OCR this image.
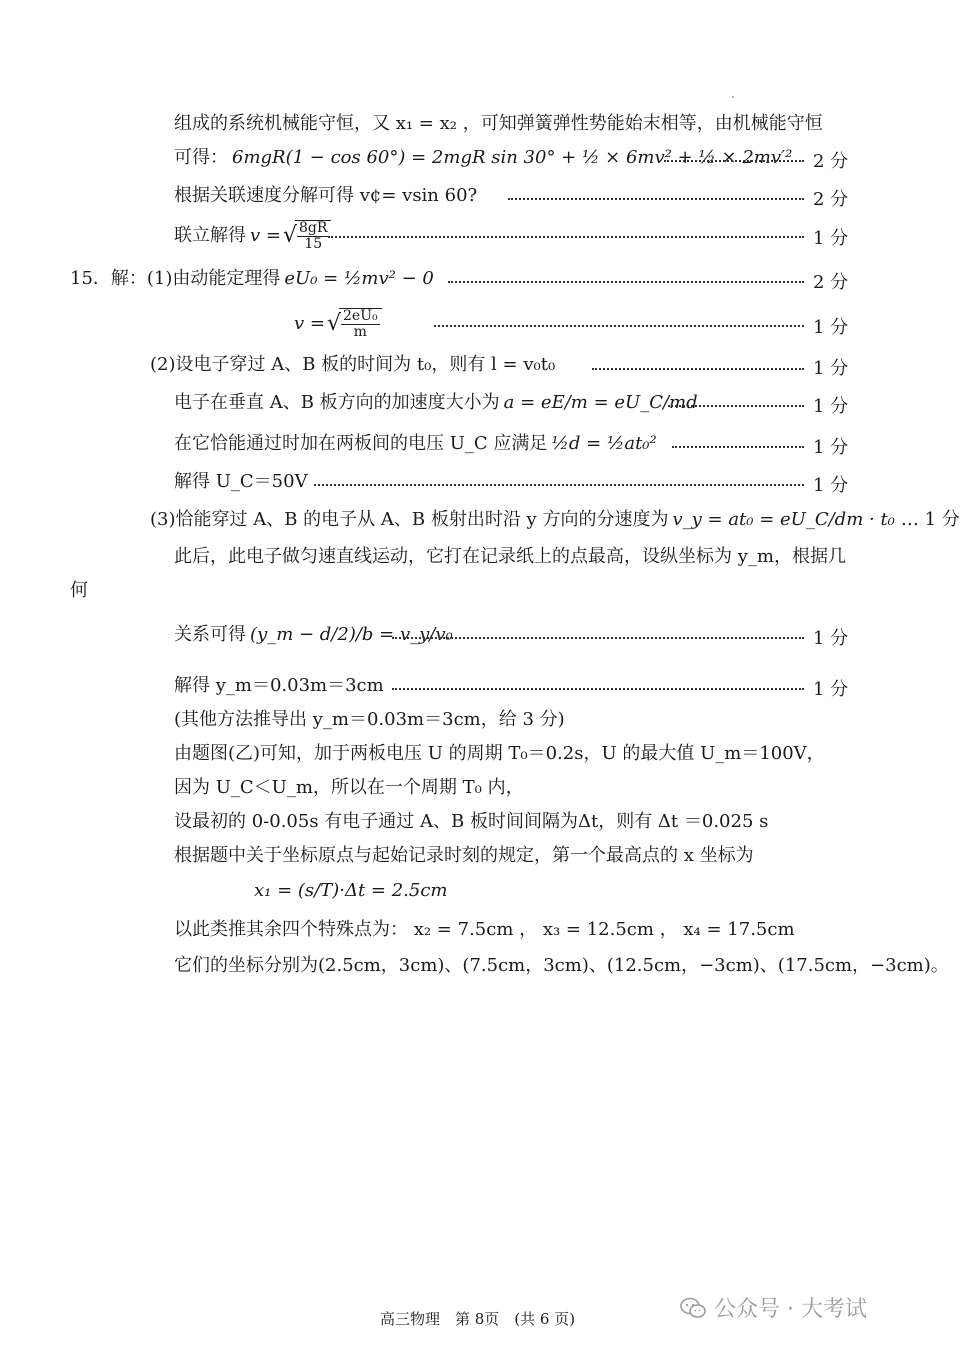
组成的系统机械能守恒，又 x₁ = x₂ ，可知弹簧弹性势能始末相等，由机械能守恒
可得： 6mgR(1 − cos 60°) = 2mgR sin 30° + ½ × 6mv² + ½ × 2mv′² 2 分
根据关联速度分解可得 v¢= vsin 60?	2 分
联立解得 v = √ $\frac{8gR}{15}$	1 分
15．解： (1)由动能定理得 eU₀ = ½mv² − 0	2 分
v = √ $\frac{\text{2eU₀}}{m}$	1 分
(2)设电子穿过 A、B 板的时间为 t₀，则有 l = v₀t₀	1 分
电子在垂直 A、B 板方向的加速度大小为 a = eE/m = eU_C/md	1 分
在它恰能通过时加在两板间的电压 U_C 应满足 ½d = ½at₀²	1 分
解得 U_C＝50V	1 分
(3)恰能穿过 A、B 的电子从 A、B 板射出时沿 y 方向的分速度为 v_y = at₀ = eU_C/dm · t₀ … 1 分
此后，此电子做匀速直线运动，它打在记录纸上的点最高，设纵坐标为 y_m，根据几
何
关系可得 (y_m − d/2)/b = v_y/v₀	1 分
解得 y_m＝0.03m＝3cm	1 分
(其他方法推导出 y_m＝0.03m＝3cm，给 3 分)
由题图(乙)可知，加于两板电压 U 的周期 T₀＝0.2s，U 的最大值 U_m＝100V，
因为 U_C＜U_m，所以在一个周期 T₀ 内，
设最初的 0-0.05s 有电子通过 A、B 板时间间隔为Δt，则有 Δt ＝0.025 s
根据题中关于坐标原点与起始记录时刻的规定，第一个最高点的 x 坐标为
x₁ = (s/T)·Δt = 2.5cm
以此类推其余四个特殊点为： x₂ = 7.5cm ， x₃ = 12.5cm ， x₄ = 17.5cm
它们的坐标分别为(2.5cm，3cm)、(7.5cm，3cm)、(12.5cm，−3cm)、(17.5cm，−3cm)。
高三物理　第 8页　(共 6 页)	公众号 · 大考试
